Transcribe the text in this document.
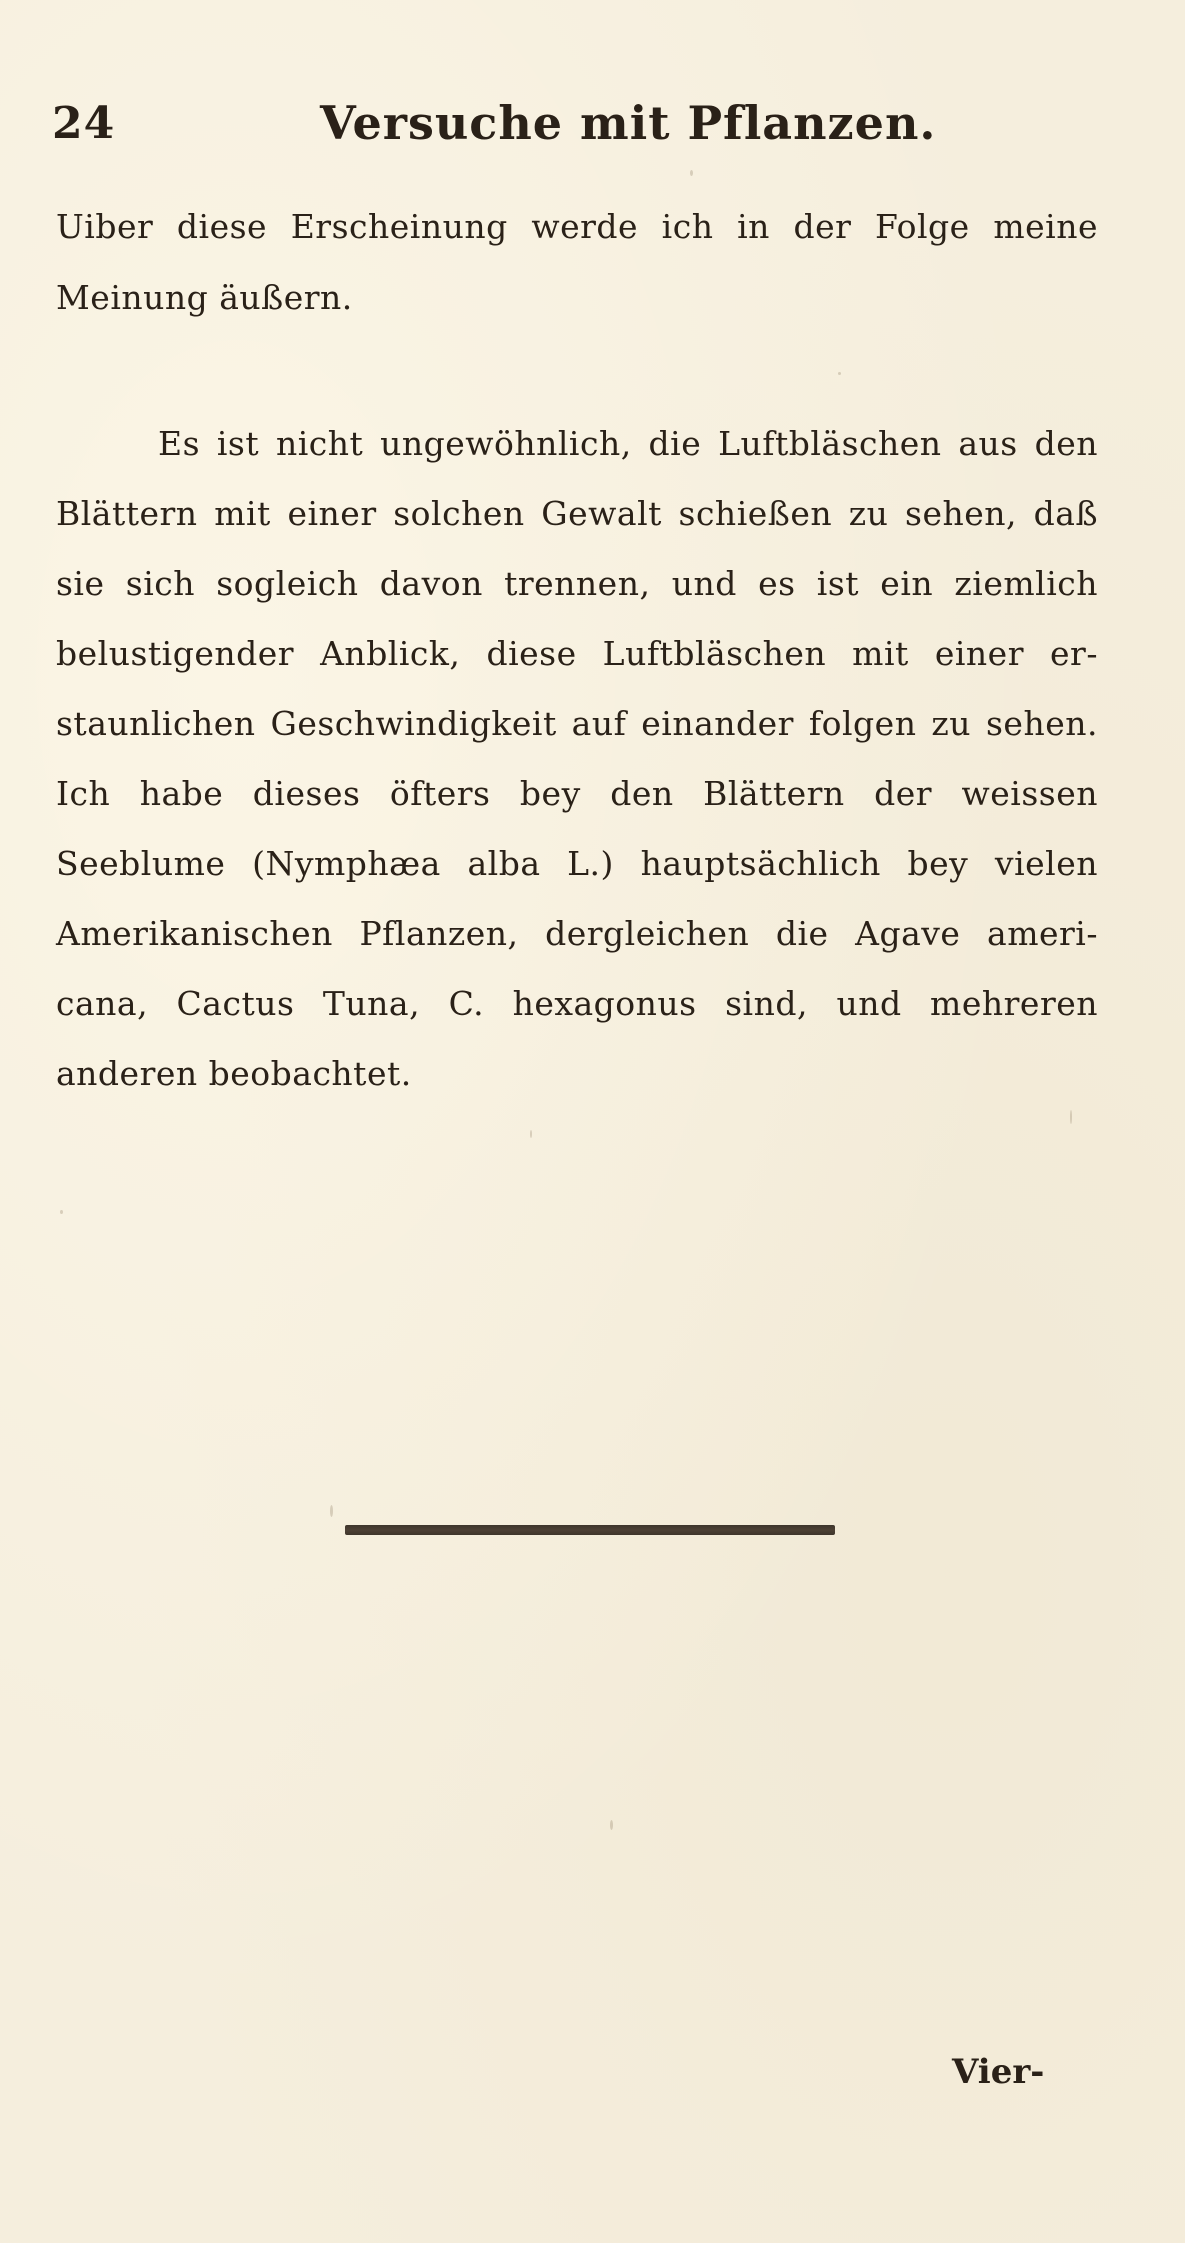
24	Versuche mit Pflanzen.
Uiber diese Erscheinung werde ich in der Folge meine
Meinung äußern.
Es ist nicht ungewöhnlich, die Luftbläschen aus den
Blättern mit einer solchen Gewalt schießen zu sehen, daß
sie sich sogleich davon trennen, und es ist ein ziemlich
belustigender Anblick, diese Luftbläschen mit einer er-
staunlichen Geschwindigkeit auf einander folgen zu sehen.
Ich habe dieses öfters bey den Blättern der weissen
Seeblume (Nymphæa alba L.) hauptsächlich bey vielen
Amerikanischen Pflanzen, dergleichen die Agave ameri-
cana, Cactus Tuna, C. hexagonus sind, und mehreren
anderen beobachtet.
Vier-
